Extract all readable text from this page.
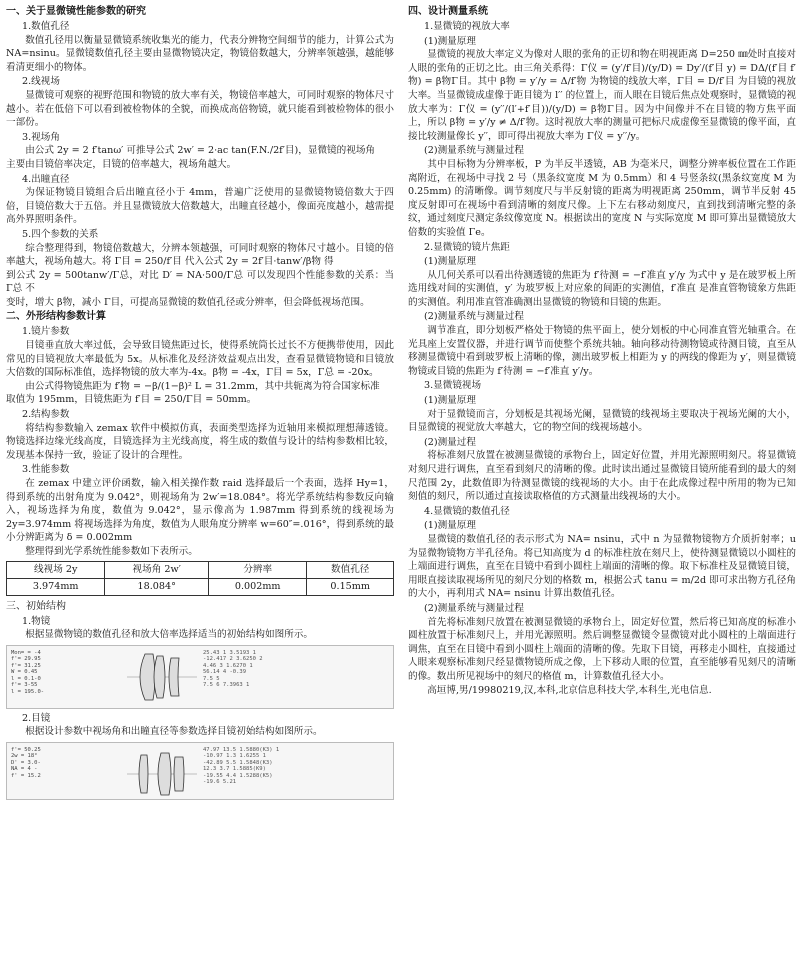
一、关于显微镜性能参数的研究
1.数值孔径

数值孔径用以衡量显微镜系统收集光的能力，代表分辨物空间细节的能力，计算公式为 NA=nsinu。显微镜数值孔径主要由显微物镜决定，物镜倍数越大，分辨率领越强，越能够看清更细小的物体。

2.线视场

显微镜可观察的视野范围和物镜的放大率有关，物镜倍率越大，可同时观察的物体尺寸越小。若在低倍下可以看到被检物体的全貌，而换成高倍物镜，就只能看到被检物体的很小一部份。

3.视场角

由公式 2y = 2 f′tanω′ 可推导公式 2w′ = 2·ac tan(F.N./2f′目)，显微镜的视场角

主要由目镜倍率决定，目镜的倍率越大，视场角越大。

4.出瞳直径

为保证物镜目镜组合后出瞳直径小于 4mm，普遍广泛使用的显微镜物镜倍数大于四倍，目镜倍数大于五倍。并且显微镜放大倍数越大，出瞳直径越小，像面亮度越小，越需提高外界照明条件。

5.四个参数的关系

综合整理得到，物镜倍数越大，分辨本领越强，可同时观察的物体尺寸越小。目镜的倍率越大，视场角越大。将 Γ目 = 250/f′目 代入公式 2y = 2f′目·tanw′/β物 得

到公式 2y = 500tanw′/Γ总，对比 D′ = NA·500/Γ总 可以发现四个性能参数的关系：当 Γ总 不

变时，增大 β物，减小 Γ目，可提高显微镜的数值孔径或分辨率，但会降低视场范围。

二、外形结构参数计算
1.镜片参数

目镜垂直放大率过低，会导致目镜焦距过长，使得系统筒长过长不方便携带使用，因此常见的目镜视放大率最低为 5x。从标准化及经济效益观点出发，查看显微镜物镜和目镜放大倍数的国际标准值，选择物镜的放大率为-4x。β物 = -4x，Γ目 = 5x，Γ总 = -20x。

由公式得物镜焦距为 f′物 = −β/(1−β)² L = 31.2mm，其中共轭离为符合国家标准

取值为 195mm，目镜焦距为 f′目 = 250/Γ目 = 50mm。

2.结构参数

将结构参数输入 zemax 软件中模拟仿真，表面类型选择为近轴用来模拟理想薄透镜。物镜选择边缘光线高度，目镜选择为主光线高度，将生成的数值与设计的结构参数相比较，发现基本保持一致，验证了设计的合理性。

3.性能参数

在 zemax 中建立评价函数，输入相关操作数 raid 选择最后一个表面，选择 Hy=1，得到系统的出射角度为 9.042°，则视场角为 2w′=18.084°。将光学系统结构参数反向输入，视场选择为角度，数值为 9.042°，显示像高为 1.987mm 得到系统的线视场为 2y=3.974mm 将视场选择为角度，数值为人眼角度分辨率 w=60″=.016°，得到系统的最小分辨距离为 δ = 0.002mm

整理得到光学系统性能参数如下表所示。

线视场 2y	视场角 2w′	分辨率	数值孔径
3.974mm	18.084°	0.002mm	0.15mm
三、初始结构
1.物镜

根据显微物镜的数值孔径和放大倍率选择适当的初始结构如图所示。

Mon= = -4
f'= 29.95
f'= 31.25
W = 0.45
l = 0.1-0
f'= 3-55
l = 195.0-
25.43 1 3.5193 1
-12.417 2 3.6250 2
4.46 3 1.6270 1
56.14 4 -0.39
7.5 5
7.5 6 7.3963 1
2.目镜

根据设计参数中视场角和出瞳直径等参数选择目镜初始结构如图所示。

f'= 50.25
2w = 18°
D' = 3.0-
NA = 4 -
f' = 15.2
47.97 13.5 1.5880(K3) 1
-10.97 1.3 1.6255 1
-42.89 5.5 1.5848(K3)
12.3 3.7 1.5885(K9)
-19.55 4.4 1.5288(K5)
-19.6 5.21
四、设计测量系统
1.显微镜的视放大率
(1)测量原理

显微镜的视放大率定义为像对人眼的张角的正切和物在明视距离 D=250 ㎜处时直接对人眼的张角的正切之比。由三角关系得：Γ仪 = (y′/f′目)/(y/D) = Dy′/(f′目 y) = DΔ/(f′目 f′物) = β物Γ目。其中 β物 = y′/y = Δ/f′物 为物镜的线放大率，Γ目 = D/f′目 为目镜的视放大率。当显微镜成虚像于距目镜为 l′′ 的位置上，而人眼在目镜后焦点处观察时，显微镜的视放大率为：Γ仪 = (y′′/(l′+f′目))/(y/D) = β物Γ目。因为中间像并不在目镜的物方焦平面上，所以 β物 = y′/y ≠ Δ/f′物。这时视放大率的测量可把标尺成虚像至显微镜的像平面，直接比较测量像长 y′′，即可得出视放大率为 Γ仪 = y′′/y。

(2)测量系统与测量过程

其中目标物为分辨率板，P 为半反半透镜，AB 为毫米尺，调整分辨率板位置在工作距离附近，在视场中寻找 2 号（黑条纹宽度 M 为 0.5mm）和 4 号竖条纹(黑条纹宽度 M 为 0.25mm) 的清晰像。调节刻度尺与半反射镜的距离为明视距离 250mm，调节半反射 45 度反射即可在视场中看到清晰的刻度尺像。上下左右移动刻度尺，直到找到清晰完整的条纹，通过刻度尺测定条纹像宽度 N。根据读出的宽度 N 与实际宽度 M 即可算出显微镜放大倍数的实验值 Γe。

2.显微镜的镜片焦距
(1)测量原理

从几何关系可以看出待测透镜的焦距为 f′待测 = −f′准直 y′/y 为式中 y 是在玻罗板上所选用线对间的实测值，y′ 为玻罗板上对应象的间距的实测值，f′准直 是准直管物镜象方焦距的实测值。利用准直管准确测出显微镜的物镜和目镜的焦距。

(2)测量系统与测量过程

调节准直，即分划板严格处于物镜的焦平面上，使分划板的中心同准直管光轴重合。在光具座上安置仪器，并进行调节而使整个系统共轴。轴向移动待测物镜或待测目镜，直至从移测显微镜中看到玻罗板上清晰的像，测出玻罗板上相距为 y 的两线的像距为 y′，则显微镜物镜或目镜的焦距为 f′待测 = −f′准直 y′/y。

3.显微镜视场
(1)测量原理

对于显微镜而言，分划板是其视场光阑，显微镜的线视场主要取决于视场光阑的大小，目显微镜的视觉放大率越大，它的物空间的线视场越小。

(2)测量过程

将标准刻尺放置在被测显微镜的承物台上，固定好位置，并用光源照明刻尺。将显微镜对刻尺进行调焦，直至看到刻尺的清晰的像。此时读出通过显微镜目镜所能看到的最大的刻尺范围 2y，此数值即为待测显微镜的线视场的大小。由于在此成像过程中所用的物为已知刻值的刻尺，所以通过直接读取格值的方式测量出线视场的大小。

4.显微镜的数值孔径
(1)测量原理

显微镜的数值孔径的表示形式为 NA= nsinu，式中 n 为显微物镜物方介质折射率；u 为显微物镜物方半孔径角。将已知高度为 d 的标准柱放在刻尺上，使待测显微镜以小圆柱的上端面进行调焦，直至在目镜中看到小圆柱上端面的清晰的像。取下标准柱及显微镜目镜，用眼直接读取视场所见的刻尺分划的格数 m，根据公式 tanu = m/2d 即可求出物方孔径角的大小，再利用式 NA= nsinu 计算出数值孔径。

(2)测量系统与测量过程

首先将标准刻尺放置在被测显微镜的承物台上，固定好位置，然后将已知高度的标准小圆柱放置于标准刻尺上，并用光源照明。然后调整显微镜令显微镜对此小圆柱的上端面进行调焦，直至在目镜中看到小圆柱上端面的清晰的像。先取下目镜，再移走小圆柱，直接通过人眼来观察标准刻尺经显微物镜所成之像，上下移动人眼的位置，直至能够看见刻尺的清晰的像。数出所见视场中的刻尺的格值 m，计算数值孔径大小。

高垣博,男/19980219,汉,本科,北京信息科技大学,本科生,光电信息.
